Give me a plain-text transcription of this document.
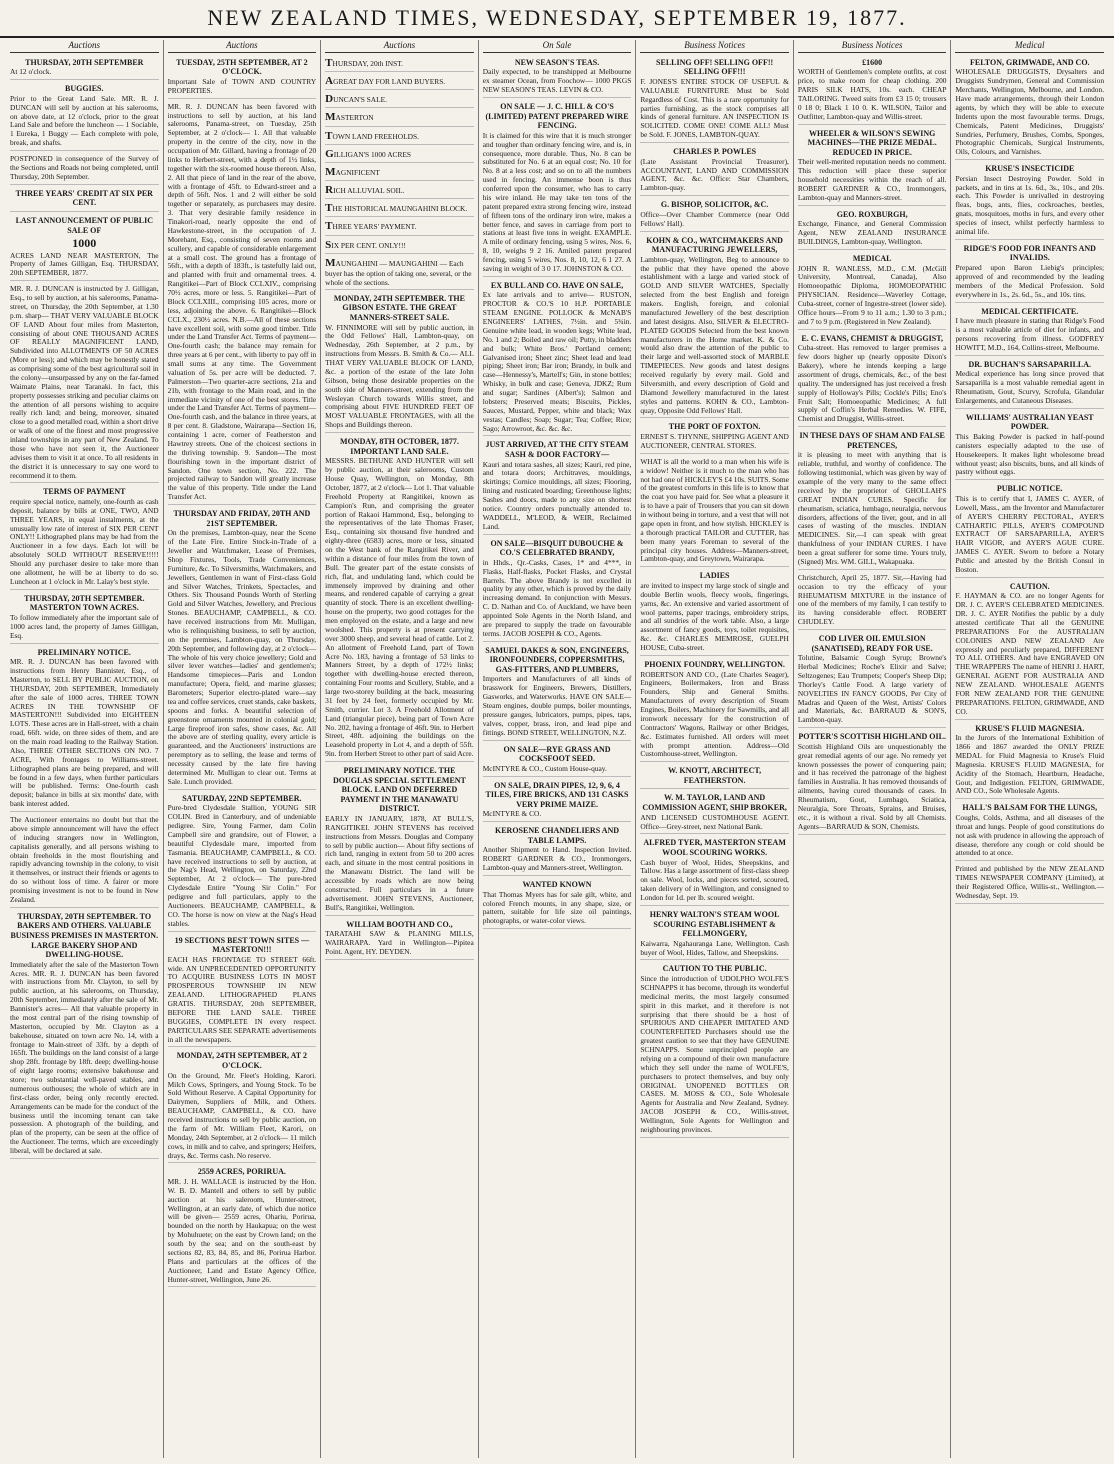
NEW ZEALAND TIMES, WEDNESDAY, SEPTEMBER 19, 1877.
Auctions
THURSDAY, 20TH SEPTEMBER
At 12 o'clock.
BUGGIES.
Prior to the Great Land Sale. MR. R. J. DUNCAN will sell by auction at his salerooms, on above date, at 12 o'clock, prior to the great Land Sale and before the luncheon — 1 Sociable, 1 Eureka, 1 Buggy — Each complete with pole, break, and shafts.
POSTPONED in consequence of the Survey of the Sections and Roads not being completed, until Thursday, 20th September.
THREE YEARS' CREDIT AT SIX PER CENT.
LAST ANNOUNCEMENT OF PUBLIC SALE OF
1000
ACRES LAND NEAR MASTERTON, The Property of James Gilligan, Esq. THURSDAY, 20th SEPTEMBER, 1877.
MR. R. J. DUNCAN is instructed by J. Gilligan, Esq., to sell by auction, at his salerooms, Panama-street, on Thursday, the 20th September, at 1.30 p.m. sharp— THAT VERY VALUABLE BLOCK OF LAND About four miles from Masterton, consisting of about ONE THOUSAND ACRES OF REALLY MAGNIFICENT LAND, Subdivided into ALLOTMENTS OF 50 ACRES (More or less); and which may be honestly stated as comprising some of the best agricultural soil in the colony—unsurpassed by any on the far-famed Waimate Plains, near Taranaki. In fact, this property possesses striking and peculiar claims on the attention of all persons wishing to acquire really rich land; and being, moreover, situated close to a good metalled road, within a short drive or walk of one of the finest and most progressive inland townships in any part of New Zealand. To those who have not seen it, the Auctioneer advises them to visit it at once. To all residents in the district it is unnecessary to say one word to recommend it to them.
TERMS OF PAYMENT
require special notice, namely, one-fourth as cash deposit, balance by bills at ONE, TWO, AND THREE YEARS, in equal instalments, at the unusually low rate of interest of SIX PER CENT ONLY!! Lithographed plans may be had from the Auctioneer in a few days. Each lot will be absolutely SOLD WITHOUT RESERVE!!!!! Should any purchaser desire to take more than one allotment, he will be at liberty to do so. Luncheon at 1 o'clock in Mr. Lalay's best style.
THURSDAY, 20TH SEPTEMBER. MASTERTON TOWN ACRES.
To follow immediately after the important sale of 1000 acres land, the property of James Gilligan, Esq.
PRELIMINARY NOTICE.
MR. R. J. DUNCAN has been favored with instructions from Henry Bannister, Esq., of Masterton, to SELL BY PUBLIC AUCTION, on THURSDAY, 20th SEPTEMBER, Immediately after the sale of 1000 acres, THREE TOWN ACRES IN THE TOWNSHIP OF MASTERTON!!! Subdivided into EIGHTEEN LOTS. These acres are in Hall-street, with a chain road, 66ft. wide, on three sides of them, and are on the main road leading to the Railway Station. Also, THREE OTHER SECTIONS ON NO. 7 ACRE, With frontages to Williams-street. Lithographed plans are being prepared, and will be found in a few days, when further particulars will be published. Terms: One-fourth cash deposit; balance in bills at six months' date, with bank interest added.
The Auctioneer entertains no doubt but that the above simple announcement will have the effect of inducing strangers now in Wellington, capitalists generally, and all persons wishing to obtain freeholds in the most flourishing and rapidly advancing township in the colony, to visit it themselves, or instruct their friends or agents to do so without loss of time. A fairer or more promising investment is not to be found in New Zealand.
THURSDAY, 20TH SEPTEMBER. TO BAKERS AND OTHERS. VALUABLE BUSINESS PREMISES IN MASTERTON. LARGE BAKERY SHOP AND DWELLING-HOUSE.
Immediately after the sale of the Masterton Town Acres. MR. R. J. DUNCAN has been favored with instructions from Mr. Clayton, to sell by public auction, at his salerooms, on Thursday, 20th September, immediately after the sale of Mr. Bannister's acres— All that valuable property in the most central part of the rising township of Masterton, occupied by Mr. Clayton as a bakehouse, situated on town acre No. 14, with a frontage to Main-street of 33ft. by a depth of 165ft. The buildings on the land consist of a large shop 28ft. frontage by 18ft. deep; dwelling-house of eight large rooms; extensive bakehouse and store; two substantial well-paved stables, and numerous outhouses; the whole of which are in first-class order, being only recently erected. Arrangements can be made for the conduct of the business until the incoming tenant can take possession. A photograph of the building, and plan of the property, can be seen at the office of the Auctioneer. The terms, which are exceedingly liberal, will be declared at sale.
Auctions
TUESDAY, 25TH SEPTEMBER, AT 2 O'CLOCK.
Important Sale of TOWN AND COUNTRY PROPERTIES.
MR. R. J. DUNCAN has been favored with instructions to sell by auction, at his land salerooms, Panama-street, on Tuesday, 25th September, at 2 o'clock— 1. All that valuable property in the centre of the city, now in the occupation of Mr. Gillard, having a frontage of 20 links to Herbert-street, with a depth of 1½ links, together with the six-roomed house thereon. Also, 2. All that piece of land in the rear of the above, with a frontage of 45ft. to Edward-street and a depth of 56ft. Nos. 1 and 2 will either be sold together or separately, as purchasers may desire. 3. That very desirable family residence in Tinakori-road, nearly opposite the end of Hawkestone-street, in the occupation of J. Morehant, Esq., consisting of seven rooms and scullery, and capable of considerable enlargement at a small cost. The ground has a frontage of 56ft., with a depth of 183ft., is tastefully laid out, and planted with fruit and ornamental trees. 4. Rangitikei—Part of Block CCLXIV., comprising 70½ acres, more or less. 5. Rangitikei—Part of Block CCLXIII., comprising 105 acres, more or less, adjoining the above. 6. Rangitikei—Block CCLX., 230½ acres. N.B.—All of these sections have excellent soil, with some good timber. Title under the Land Transfer Act. Terms of payment— One-fourth cash; the balance may remain for three years at 6 per cent., with liberty to pay off in small sums at any time. The Government valuation of 5s. per acre will be deducted. 7. Palmerston—Two quarter-acre sections, 21a and 21b, with frontage to the Main road, and in the immediate vicinity of one of the best stores. Title under the Land Transfer Act. Terms of payment—One-fourth cash, and the balance in three years, at 8 per cent. 8. Gladstone, Wairarapa—Section 16, containing 1 acre, corner of Featherston and Hawtrey streets. One of the choicest sections in the thriving township. 9. Sandon—The most flourishing town in the important district of Sandon. One town section, No. 222. The projected railway to Sandon will greatly increase the value of this property. Title under the Land Transfer Act.
THURSDAY AND FRIDAY, 20TH AND 21ST SEPTEMBER.
On the premises, Lambton-quay, near the Scene of the Late Fire. Entire Stock-in-Trade of a Jeweller and Watchmaker, Lease of Premises, Shop Fixtures, Tools, Trade Conveniences, Furniture, &c. To Silversmiths, Watchmakers, and Jewellers, Gentlemen in want of First-class Gold and Silver Watches, Trinkets, Spectacles, and Others. Six Thousand Pounds Worth of Sterling Gold and Silver Watches, Jewellery, and Precious Stones. BEAUCHAMP, CAMPBELL, & CO. have received instructions from Mr. Mulligan, who is relinquishing business, to sell by auction, on the premises, Lambton-quay, on Thursday, 20th September, and following day, at 2 o'clock— The whole of his very choice jewellery; Gold and silver lever watches—ladies' and gentlemen's; Handsome timepieces—Paris and London manufacture; Opera, field, and marine glasses; Barometers; Superior electro-plated ware—say tea and coffee services, cruet stands, cake baskets, spoons and forks. A beautiful selection of greenstone ornaments mounted in colonial gold; Large fireproof iron safes, show cases, &c. All the above are of sterling quality, every article is guaranteed, and the Auctioneers' instructions are peremptory as to selling, the lease and terms of necessity caused by the late fire having determined Mr. Mulligan to clear out. Terms at Sale. Lunch provided.
SATURDAY, 22ND SEPTEMBER.
Pure-bred Clydesdale Stallion, YOUNG SIR COLIN. Bred in Canterbury, and of undeniable pedigree. Sire, Young Farmer, dam Colin Campbell sire and grandsire, out of Flower, a beautiful Clydesdale mare, imported from Tasmania. BEAUCHAMP, CAMPBELL, & CO. have received instructions to sell by auction, at the Nag's Head, Wellington, on Saturday, 22nd September, At 2 o'clock— The pure-bred Clydesdale Entire "Young Sir Colin." For pedigree and full particulars, apply to the Auctioneers. BEAUCHAMP, CAMPBELL, & CO. The horse is now on view at the Nag's Head stables.
19 SECTIONS BEST TOWN SITES — MASTERTON!!!
EACH HAS FRONTAGE TO STREET 66ft. wide. AN UNPRECEDENTED OPPORTUNITY TO ACQUIRE BUSINESS LOTS IN MOST PROSPEROUS TOWNSHIP IN NEW ZEALAND. LITHOGRAPHED PLANS GRATIS. THURSDAY, 20th SEPTEMBER, BEFORE THE LAND SALE. THREE BUGGIES, COMPLETE IN every respect. PARTICULARS SEE SEPARATE advertisements in all the newspapers.
MONDAY, 24TH SEPTEMBER, AT 2 O'CLOCK.
On the Ground, Mr. Fleet's Holding, Karori. Milch Cows, Springers, and Young Stock. To be Sold Without Reserve. A Capital Opportunity for Dairymen, Suppliers of Milk, and Others. BEAUCHAMP, CAMPBELL, & CO. have received instructions to sell by public auction, on the farm of Mr. William Fleet, Karori, on Monday, 24th September, at 2 o'clock— 11 milch cows, in milk and to calve, and springers; Heifers, drays, &c. Terms cash. No reserve.
2559 ACRES, PORIRUA.
MR. J. H. WALLACE is instructed by the Hon. W. B. D. Mantell and others to sell by public auction at his saleroom, Hunter-street, Wellington, at an early date, of which due notice will be given— 2559 acres, Ohariu, Porirua, bounded on the north by Haukapua; on the west by Mohuhuete; on the east by Crown land; on the south by the sea; and on the south-east by sections 82, 83, 84, 85, and 86, Porirua Harbor. Plans and particulars at the offices of the Auctioneer, Land and Estate Agency Office, Hunter-street, Wellington, June 26.
Auctions
THURSDAY, 20th INST.
AGREAT DAY FOR LAND BUYERS.
DUNCAN'S SALE.
MASTERTON
TOWN LAND FREEHOLDS.
GILLIGAN'S 1000 ACRES
MAGNIFICENT
RICH ALLUVIAL SOIL.
THE HISTORICAL MAUNGAHINI BLOCK.
THREE YEARS' PAYMENT.
SIX PER CENT. ONLY!!!
MAUNGAHINI — MAUNGAHINI — Each buyer has the option of taking one, several, or the whole of the sections.
MONDAY, 24TH SEPTEMBER. THE GIBSON ESTATE. THE GREAT MANNERS-STREET SALE.
W. FINNIMORE will sell by public auction, in the Odd Fellows' Hall, Lambton-quay, on Wednesday, 26th September, at 2 p.m., by instructions from Messrs. B. Smith & Co.— ALL THAT VERY VALUABLE BLOCK OF LAND, &c. a portion of the estate of the late John Gibson, being those desirable properties on the south side of Manners-street, extending from the Wesleyan Church towards Willis street, and comprising about FIVE HUNDRED FEET OF MOST VALUABLE FRONTAGES, with all the Shops and Buildings thereon.
MONDAY, 8TH OCTOBER, 1877. IMPORTANT LAND SALE.
MESSRS. BETHUNE AND HUNTER will sell by public auction, at their salerooms, Custom House Quay, Wellington, on Monday, 8th October, 1877, at 2 o'clock— Lot 1. That valuable Freehold Property at Rangitikei, known as Campion's Run, and comprising the greater portion of Rakaoi Hammond, Esq., belonging to the representatives of the late Thomas Fraser, Esq., containing six thousand five hundred and eighty-three (6583) acres, more or less, situated on the West bank of the Rangitikei River, and within a distance of four miles from the town of Bull. The greater part of the estate consists of rich, flat, and undulating land, which could be immensely improved by draining and other means, and rendered capable of carrying a great quantity of stock. There is an excellent dwelling-house on the property, two good cottages for the men employed on the estate, and a large and new woolshed. This property is at present carrying over 3000 sheep, and several head of cattle. Lot 2. An allotment of Freehold Land, part of Town Acre No. 183, having a frontage of 53 links to Manners Street, by a depth of 172½ links; together with dwelling-house erected thereon, containing Four rooms and Scullery, Stable, and a large two-storey building at the back, measuring 31 feet by 24 feet, formerly occupied by Mr. Smith, currier. Lot 3. A Freehold Allotment of Land (triangular piece), being part of Town Acre No. 202, having a frontage of 46ft. 9in. to Herbert Street, 48ft. adjoining the buildings on the Leasehold property in Lot 4, and a depth of 55ft. 9in. from Herbert Street to other part of said Acre.
PRELIMINARY NOTICE. THE DOUGLAS SPECIAL SETTLEMENT BLOCK. LAND ON DEFERRED PAYMENT IN THE MANAWATU DISTRICT.
EARLY IN JANUARY, 1878, AT BULL'S, RANGITIKEI. JOHN STEVENS has received instructions from Messrs. Douglas and Company to sell by public auction— About fifty sections of rich land, ranging in extent from 50 to 200 acres each, and situate in the most central positions in the Manawatu District. The land will be accessible by roads which are now being constructed. Full particulars in a future advertisement. JOHN STEVENS, Auctioneer, Bull's, Rangitikei, Wellington.
WILLIAM BOOTH AND CO.,
TARATAHI SAW & PLANING MILLS, WAIRARAPA. Yard in Wellington—Pipitea Point. Agent, HY. DEYDEN.
On Sale
NEW SEASON'S TEAS.
Daily expected, to be transhipped at Melbourne ex steamer Ocean, from Foochow— 1000 PKGS NEW SEASON'S TEAS. LEVIN & CO.
ON SALE — J. C. HILL & CO'S (LIMITED) PATENT PREPARED WIRE FENCING.
It is claimed for this wire that it is much stronger and tougher than ordinary fencing wire, and is, in consequence, more durable. Thus, No. 8 can be substituted for No. 6 at an equal cost; No. 10 for No. 8 at a less cost; and so on to all the numbers used in fencing. An immense boon is thus conferred upon the consumer, who has to carry his wire inland. He may take ten tons of the patent prepared extra strong fencing wire, instead of fifteen tons of the ordinary iron wire, makes a better fence, and saves in carriage from port to stations at least five tons in weight. EXAMPLE. A mile of ordinary fencing, using 5 wires, Nos. 6, 8, 10, weighs 9 2 16. Amiled patent prepared fencing, using 5 wires, Nos. 8, 10, 12, 6 1 27. A saving in weight of 3 0 17. JOHNSTON & CO.
EX BULL AND CO. HAVE ON SALE,
Ex late arrivals and to arrive— RUSTON, PROCTOR & CO.'S 10 H.P. PORTABLE STEAM ENGINE. POLLOCK & McNAB'S ENGINEERS' LATHES, 7½in. and 5¾in. Genuine white lead, in wooden kegs; White lead, No. 1 and 2; Boiled and raw oil; Putty, in bladders and bulk; White Bros.' Portland cement; Galvanised iron; Sheet zinc; Sheet lead and lead piping; Sheet iron; Bar iron; Brandy, in bulk and case—Hennessy's, Martell's; Gin, in stone bottles; Whisky, in bulk and case; Geneva, JDKZ; Rum and sugar; Sardines (Albert's); Salmon and lobsters; Preserved meats; Biscuits, Pickles, Sauces, Mustard, Pepper, white and black; Wax vestas; Candles; Soap; Sugar; Tea; Coffee; Rice; Sago; Arrowroot, &c. &c. &c.
JUST ARRIVED, AT THE CITY STEAM SASH & DOOR FACTORY—
Kauri and totara sashes, all sizes; Kauri, red pine, and totara doors; Architraves, mouldings, skirtings; Cornice mouldings, all sizes; Flooring, lining and rusticated boarding; Greenhouse lights; Sashes and doors, made to any size on shortest notice. Country orders punctually attended to. WADDELL, M'LEOD, & WEIR, Reclaimed Land.
ON SALE—BISQUIT DUBOUCHE & CO.'S CELEBRATED BRANDY,
in Hhds., Qr.-Casks, Cases, 1* and 4***, in Flasks, Half-flasks, Pocket Flasks, and Crystal Barrels. The above Brandy is not excelled in quality by any other, which is proved by the daily increasing demand. In conjunction with Messrs. C. D. Nathan and Co. of Auckland, we have been appointed Sole Agents in the North Island, and are prepared to supply the trade on favourable terms. JACOB JOSEPH & CO., Agents.
SAMUEL DAKES & SON, ENGINEERS, IRONFOUNDERS, COPPERSMITHS, GAS-FITTERS, AND PLUMBERS,
Importers and Manufacturers of all kinds of brasswork for Engineers, Brewers, Distillers, Gasworks, and Waterworks. HAVE ON SALE— Steam engines, double pumps, boiler mountings, pressure gauges, lubricators, pumps, pipes, taps, valves, copper, brass, iron, and lead pipe and fittings. BOND STREET, WELLINGTON, N.Z.
ON SALE—RYE GRASS AND COCKSFOOT SEED.
McINTYRE & CO., Custom House-quay.
ON SALE, DRAIN PIPES, 12, 9, 6, 4 TILES, FIRE BRICKS, AND 131 CASKS VERY PRIME MAIZE.
McINTYRE & CO.
KEROSENE CHANDELIERS AND TABLE LAMPS.
Another Shipment to Hand. Inspection Invited. ROBERT GARDNER & CO., Ironmongers, Lambton-quay and Manners-street, Wellington.
WANTED KNOWN
That Thomas Myers has for sale gilt, white, and colored French mounts, in any shape, size, or pattern, suitable for life size oil paintings, photographs, or water-color views.
Business Notices
SELLING OFF! SELLING OFF!! SELLING OFF!!!
F. JONES'S ENTIRE STOCK OF USEFUL & VALUABLE FURNITURE Must be Sold Regardless of Cost. This is a rare opportunity for parties furnishing, as the stock comprises all kinds of general furniture. AN INSPECTION IS SOLICITED. COME ONE! COME ALL! Must be Sold. F. JONES, LAMBTON-QUAY.
CHARLES P. POWLES
(Late Assistant Provincial Treasurer), ACCOUNTANT, LAND AND COMMISSION AGENT, &c. &c. Office: Star Chambers, Lambton-quay.
G. BISHOP, SOLICITOR, &C.
Office—Over Chamber Commerce (near Odd Fellows' Hall).
KOHN & CO., WATCHMAKERS AND MANUFACTURING JEWELLERS,
Lambton-quay, Wellington, Beg to announce to the public that they have opened the above establishment with a large and varied stock of GOLD AND SILVER WATCHES, Specially selected from the best English and foreign makers. English, foreign, and colonial manufactured Jewellery of the best description and latest designs. Also, SILVER & ELECTRO-PLATED GOODS Selected from the best known manufacturers in the Home market. K. & Co. would also draw the attention of the public to their large and well-assorted stock of MARBLE TIMEPIECES. New goods and latest designs received regularly by every mail. Gold and Silversmith, and every description of Gold and Diamond Jewellery manufactured in the latest styles and patterns. KOHN & CO., Lambton-quay, Opposite Odd Fellows' Hall.
THE PORT OF FOXTON.
ERNEST S. THYNNE, SHIPPING AGENT AND AUCTIONEER, CENTRAL STORES.
WHAT is all the world to a man when his wife is a widow! Neither is it much to the man who has not had one of HICKLEY'S £4 10s. SUITS. Some of the greatest comforts in this life is to know that the coat you have paid for. See what a pleasure it is to have a pair of Trousers that you can sit down in without being in torture, and a vest that will not gape open in front, and how stylish. HICKLEY is a thorough practical TAILOR and CUTTER, has been many years Foreman to several of the principal city houses. Address—Manners-street, Lambton-quay, and Greytown, Wairarapa.
LADIES
are invited to inspect my large stock of single and double Berlin wools, fleecy wools, fingerings, yarns, &c. An extensive and varied assortment of wool patterns, paper tracings, embroidery strips, and all sundries of the work table. Also, a large assortment of fancy goods, toys, toilet requisites, &c. &c. CHARLES MEMROSE, GUELPH HOUSE, Cuba-street.
PHOENIX FOUNDRY, WELLINGTON.
ROBERTSON AND CO., (Late Charles Seager), Engineers, Boilermakers, Iron and Brass Founders, Ship and General Smiths. Manufacturers of every description of Steam Engines, Boilers, Machinery for Sawmills, and all ironwork necessary for the construction of Contractors' Wagons, Railway or other Bridges, &c. Estimates furnished. All orders will meet with prompt attention. Address—Old Customhouse-street, Wellington.
W. KNOTT, ARCHITECT, FEATHERSTON.
W. M. TAYLOR, LAND AND COMMISSION AGENT, SHIP BROKER,
AND LICENSED CUSTOMHOUSE AGENT. Office—Grey-street, next National Bank.
ALFRED TYER, MASTERTON STEAM WOOL SCOURING WORKS.
Cash buyer of Wool, Hides, Sheepskins, and Tallow. Has a large assortment of first-class sheep on sale. Wool, locks, and pieces sorted, scoured, taken delivery of in Wellington, and consigned to London for 1d. per lb. scoured weight.
HENRY WALTON'S STEAM WOOL SCOURING ESTABLISHMENT & FELLMONGERY,
Kaiwarra, Ngahauranga Lane, Wellington. Cash buyer of Wool, Hides, Tallow, and Sheepskins.
CAUTION TO THE PUBLIC.
Since the introduction of UDOLPHO WOLFE'S SCHNAPPS it has become, through its wonderful medicinal merits, the most largely consumed spirit in this market, and it therefore is not surprising that there should be a host of SPURIOUS AND CHEAPER IMITATED AND COUNTERFEITED Purchasers should use the greatest caution to see that they have GENUINE SCHNAPPS. Some unprincipled people are relying on a compound of their own manufacture which they sell under the name of WOLFE'S, purchasers to protect themselves, and buy only ORIGINAL UNOPENED BOTTLES OR CASES. M. MOSS & CO., Sole Wholesale Agents for Australia and New Zealand, Sydney. JACOB JOSEPH & CO., Willis-street, Wellington, Sole Agents for Wellington and neighbouring provinces.
Business Notices
£1600
WORTH of Gentlemen's complete outfits, at cost price, to make room for cheap clothing. 200 PARIS SILK HATS, 10s. each. CHEAP TAILORING. Tweed suits from £3 15 0; trousers 0 18 0; Black 1 10 0. K. WILSON, Tailor and Outfitter, Lambton-quay and Willis-street.
WHEELER & WILSON'S SEWING MACHINES—THE PRIZE MEDAL. REDUCED IN PRICE.
Their well-merited reputation needs no comment. This reduction will place these superior household necessities within the reach of all. ROBERT GARDNER & CO., Ironmongers, Lambton-quay and Manners-street.
GEO. ROXBURGH,
Exchange, Finance, and General Commission Agent, NEW ZEALAND INSURANCE BUILDINGS, Lambton-quay, Wellington.
MEDICAL
JOHN R. WANLESS, M.D., C.M. (McGill University, Montreal, Canada), Also Homoeopathic Diploma, HOMOEOPATHIC PHYSICIAN. Residence—Waverley Cottage, Cuba-street, corner of Ingestre-street (lower side). Office hours—From 9 to 11 a.m.; 1.30 to 3 p.m.; and 7 to 9 p.m. (Registered in New Zealand).
E. C. EVANS, CHEMIST & DRUGGIST,
Cuba-street. Has removed to larger premises a few doors higher up (nearly opposite Dixon's Bakery), where he intends keeping a large assortment of drugs, chemicals, &c., of the best quality. The undersigned has just received a fresh supply of Holloway's Pills; Cockle's Pills; Eno's Fruit Salt; Homoeopathic Medicines; A full supply of Coffin's Herbal Remedies. W. FIFE, Chemist and Druggist, Willis-street.
IN THESE DAYS OF SHAM AND FALSE PRETENCES,
it is pleasing to meet with anything that is reliable, truthful, and worthy of confidence. The following testimonial, which was given by way of example of the very many to the same effect received by the proprietor of GHOLLAH'S GREAT INDIAN CURES. Specific for rheumatism, sciatica, lumbago, neuralgia, nervous disorders, affections of the liver, gout, and in all cases of wasting of the muscles. INDIAN MEDICINES. Sir,—I can speak with great thankfulness of your INDIAN CURES. I have been a great sufferer for some time. Yours truly, (Signed) Mrs. WM. GILL, Wakapuaka.
Christchurch, April 25, 1877. Sir,—Having had occasion to try the efficacy of your RHEUMATISM MIXTURE in the instance of one of the members of my family, I can testify to its having considerable effect. ROBERT CHUDLEY.
COD LIVER OIL EMULSION (SANATISED), READY FOR USE.
Tolutine, Balsamic Cough Syrup; Browne's Herbal Medicines; Roche's Elixir and Salve; Seltzogenes; Eau Trumpets; Cooper's Sheep Dip; Thorley's Cattle Food. A large variety of NOVELTIES IN FANCY GOODS, Per City of Madras and Queen of the West, Artists' Colors and Materials, &c. BARRAUD & SON'S, Lambton-quay.
POTTER'S SCOTTISH HIGHLAND OIL.
Scottish Highland Oils are unquestionably the great remedial agents of our age. No remedy yet known possesses the power of conquering pain; and it has received the patronage of the highest families in Australia. It has removed thousands of ailments, having cured thousands of cases. In Rheumatism, Gout, Lumbago, Sciatica, Neuralgia, Sore Throats, Sprains, and Bruises, etc., it is without a rival. Sold by all Chemists. Agents—BARRAUD & SON, Chemists.
Medical
FELTON, GRIMWADE, AND CO.
WHOLESALE DRUGGISTS, Drysalters and Druggists Sundrymen, General and Commission Merchants, Wellington, Melbourne, and London. Have made arrangements, through their London agents, by which they will be able to execute Indents upon the most favourable terms. Drugs, Chemicals, Patent Medicines, Druggists' Sundries, Perfumery, Brushes, Combs, Sponges, Photographic Chemicals, Surgical Instruments, Oils, Colours, and Varnishes.
KRUSE'S INSECTICIDE
Persian Insect Destroying Powder. Sold in packets, and in tins at 1s. 6d., 3s., 10s., and 20s. each. This Powder is unrivalled in destroying fleas, bugs, ants, flies, cockroaches, beetles, gnats, mosquitoes, moths in furs, and every other species of insect, whilst perfectly harmless to animal life.
RIDGE'S FOOD FOR INFANTS AND INVALIDS.
Prepared upon Baron Liebig's principles; approved of and recommended by the leading members of the Medical Profession. Sold everywhere in 1s., 2s. 6d., 5s., and 10s. tins.
MEDICAL CERTIFICATE.
I have much pleasure in stating that Ridge's Food is a most valuable article of diet for infants, and persons recovering from illness. GODFREY HOWITT, M.D., 164, Collins-street, Melbourne.
DR. BUCHAN'S SARSAPARILLA.
Medical experience has long since proved that Sarsaparilla is a most valuable remedial agent in Rheumatism, Gout, Scurvy, Scrofula, Glandular Enlargements, and Cutaneous Diseases.
WILLIAMS' AUSTRALIAN YEAST POWDER.
This Baking Powder is packed in half-pound canisters especially adapted to the use of Housekeepers. It makes light wholesome bread without yeast; also biscuits, buns, and all kinds of pastry without eggs.
PUBLIC NOTICE.
This is to certify that I, JAMES C. AYER, of Lowell, Mass., am the Inventor and Manufacturer of AYER'S CHERRY PECTORAL, AYER'S CATHARTIC PILLS, AYER'S COMPOUND EXTRACT OF SARSAPARILLA, AYER'S HAIR VIGOR, and AYER'S AGUE CURE. JAMES C. AYER. Sworn to before a Notary Public and attested by the British Consul in Boston.
CAUTION.
F. HAYMAN & CO. are no longer Agents for DR. J. C. AYER'S CELEBRATED MEDICINES. DR. J. C. AYER Notifies the public by a duly attested certificate That all the GENUINE PREPARATIONS For the AUSTRALIAN COLONIES AND NEW ZEALAND Are expressly and peculiarly prepared, DIFFERENT TO ALL OTHERS. And have ENGRAVED ON THE WRAPPERS The name of HENRI J. HART, GENERAL AGENT FOR AUSTRALIA AND NEW ZEALAND. WHOLESALE AGENTS FOR NEW ZEALAND FOR THE GENUINE PREPARATIONS. FELTON, GRIMWADE, AND CO.
KRUSE'S FLUID MAGNESIA.
In the Jurors of the International Exhibition of 1866 and 1867 awarded the ONLY PRIZE MEDAL for Fluid Magnesia to Kruse's Fluid Magnesia. KRUSE'S FLUID MAGNESIA, for Acidity of the Stomach, Heartburn, Headache, Gout, and Indigestion. FELTON, GRIMWADE, AND CO., Sole Wholesale Agents.
HALL'S BALSAM FOR THE LUNGS,
Coughs, Colds, Asthma, and all diseases of the throat and lungs. People of good constitutions do not ask with prudence in allowing the approach of disease, therefore any cough or cold should be attended to at once.
Printed and published by the NEW ZEALAND TIMES NEWSPAPER COMPANY (Limited), at their Registered Office, Willis-st., Wellington.—Wednesday, Sept. 19.
